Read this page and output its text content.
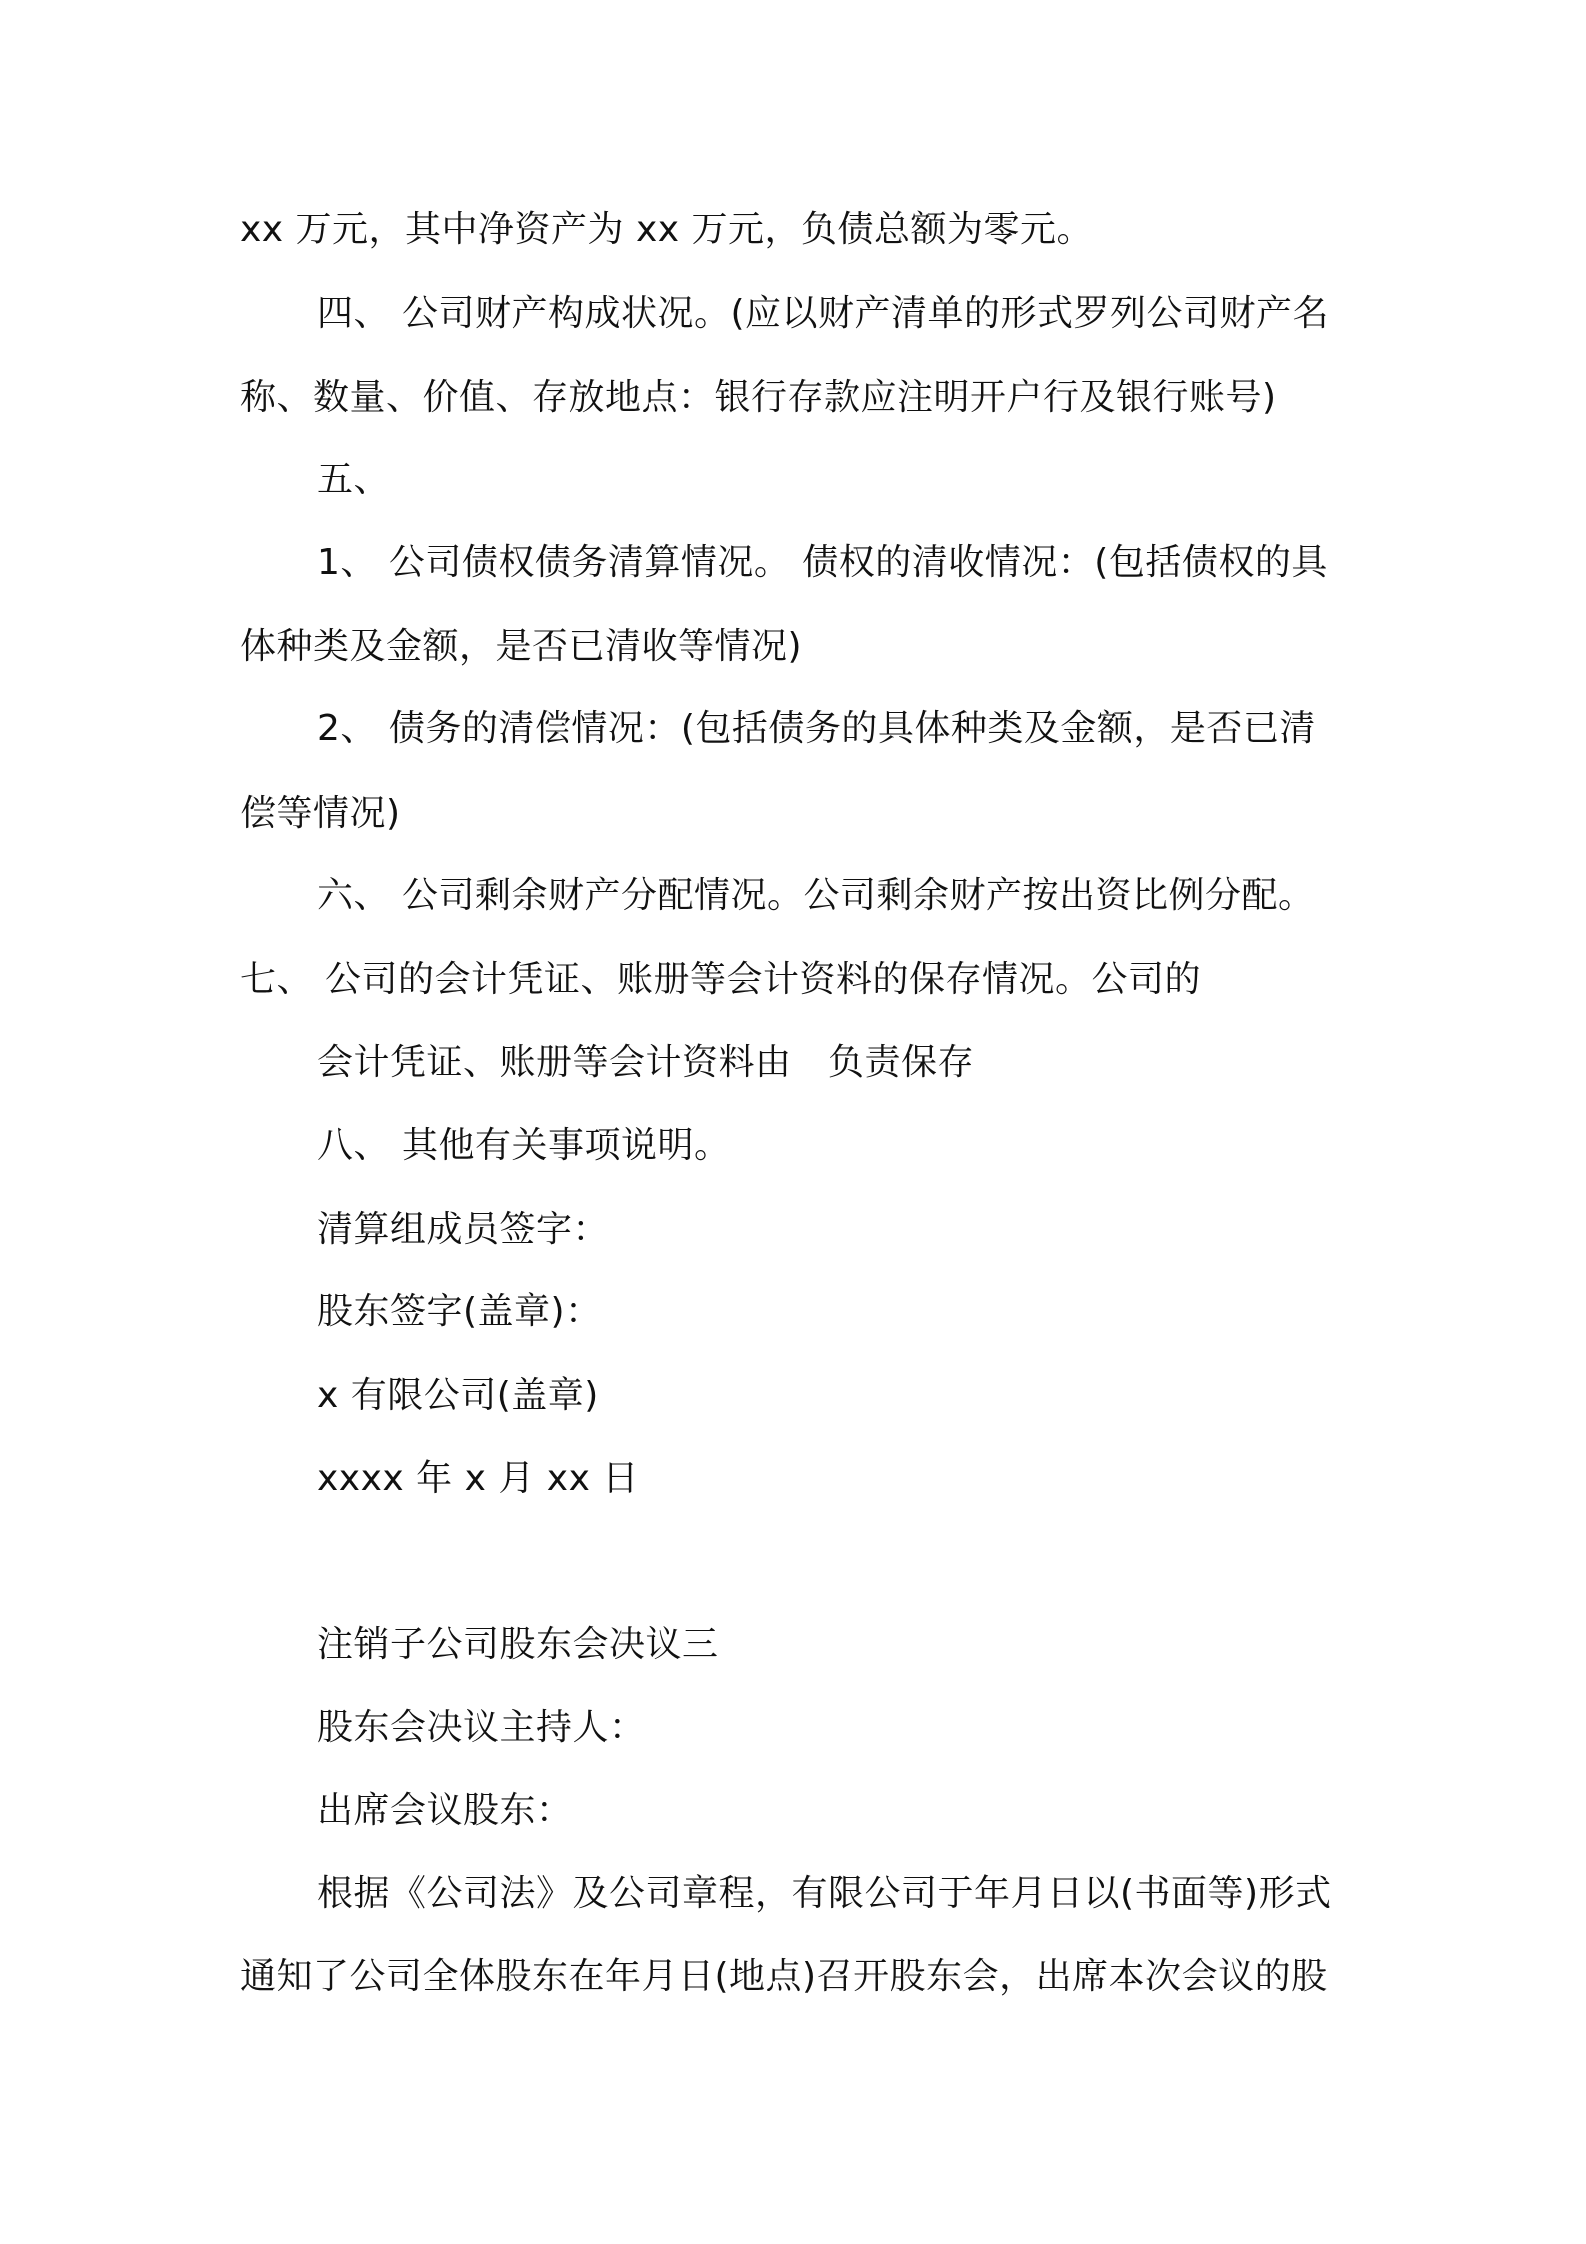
xx 万元，其中净资产为 xx 万元，负债总额为零元。
四、 公司财产构成状况。(应以财产清单的形式罗列公司财产名
称、数量、价值、存放地点：银行存款应注明开户行及银行账号)
五、
1、 公司债权债务清算情况。 债权的清收情况：(包括债权的具
体种类及金额，是否已清收等情况)
2、 债务的清偿情况：(包括债务的具体种类及金额，是否已清
偿等情况)
六、 公司剩余财产分配情况。公司剩余财产按出资比例分配。
七、 公司的会计凭证、账册等会计资料的保存情况。公司的
会计凭证、账册等会计资料由　负责保存
八、 其他有关事项说明。
清算组成员签字：
股东签字(盖章)：
x 有限公司(盖章)
xxxx 年 x 月 xx 日
注销子公司股东会决议三
股东会决议主持人：
出席会议股东：
根据《公司法》及公司章程，有限公司于年月日以(书面等)形式
通知了公司全体股东在年月日(地点)召开股东会，出席本次会议的股
